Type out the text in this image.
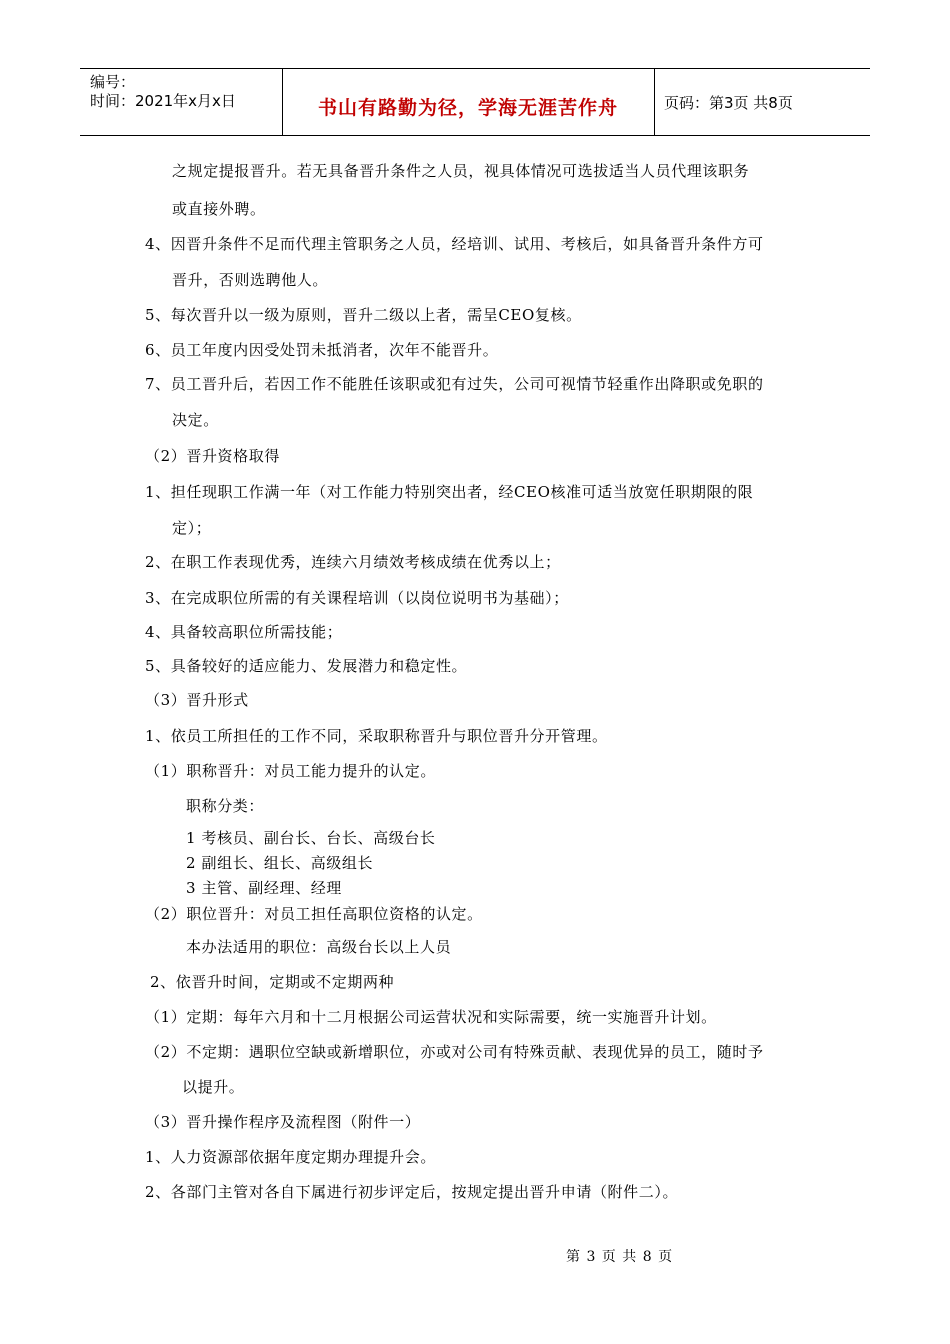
编号：
时间：2021年x月x日	书山有路勤为径，学海无涯苦作舟	页码：第3页 共8页
之规定提报晋升。若无具备晋升条件之人员，视具体情况可选拔适当人员代理该职务
或直接外聘。
4、因晋升条件不足而代理主管职务之人员，经培训、试用、考核后，如具备晋升条件方可
晋升，否则选聘他人。
5、每次晋升以一级为原则，晋升二级以上者，需呈CEO复核。
6、员工年度内因受处罚未抵消者，次年不能晋升。
7、员工晋升后，若因工作不能胜任该职或犯有过失，公司可视情节轻重作出降职或免职的
决定。
（2）晋升资格取得
1、担任现职工作满一年（对工作能力特别突出者，经CEO核准可适当放宽任职期限的限
定）；
2、在职工作表现优秀，连续六月绩效考核成绩在优秀以上；
3、在完成职位所需的有关课程培训（以岗位说明书为基础）；
4、具备较高职位所需技能；
5、具备较好的适应能力、发展潜力和稳定性。
（3）晋升形式
1、依员工所担任的工作不同，采取职称晋升与职位晋升分开管理。
（1）职称晋升：对员工能力提升的认定。
职称分类：
1 考核员、副台长、台长、高级台长
2 副组长、组长、高级组长
3 主管、副经理、经理
（2）职位晋升：对员工担任高职位资格的认定。
本办法适用的职位：高级台长以上人员
2、依晋升时间，定期或不定期两种
（1）定期：每年六月和十二月根据公司运营状况和实际需要，统一实施晋升计划。
（2）不定期：遇职位空缺或新增职位，亦或对公司有特殊贡献、表现优异的员工，随时予
以提升。
（3）晋升操作程序及流程图（附件一）
1、人力资源部依据年度定期办理提升会。
2、各部门主管对各自下属进行初步评定后，按规定提出晋升申请（附件二）。
第 3 页 共 8 页
